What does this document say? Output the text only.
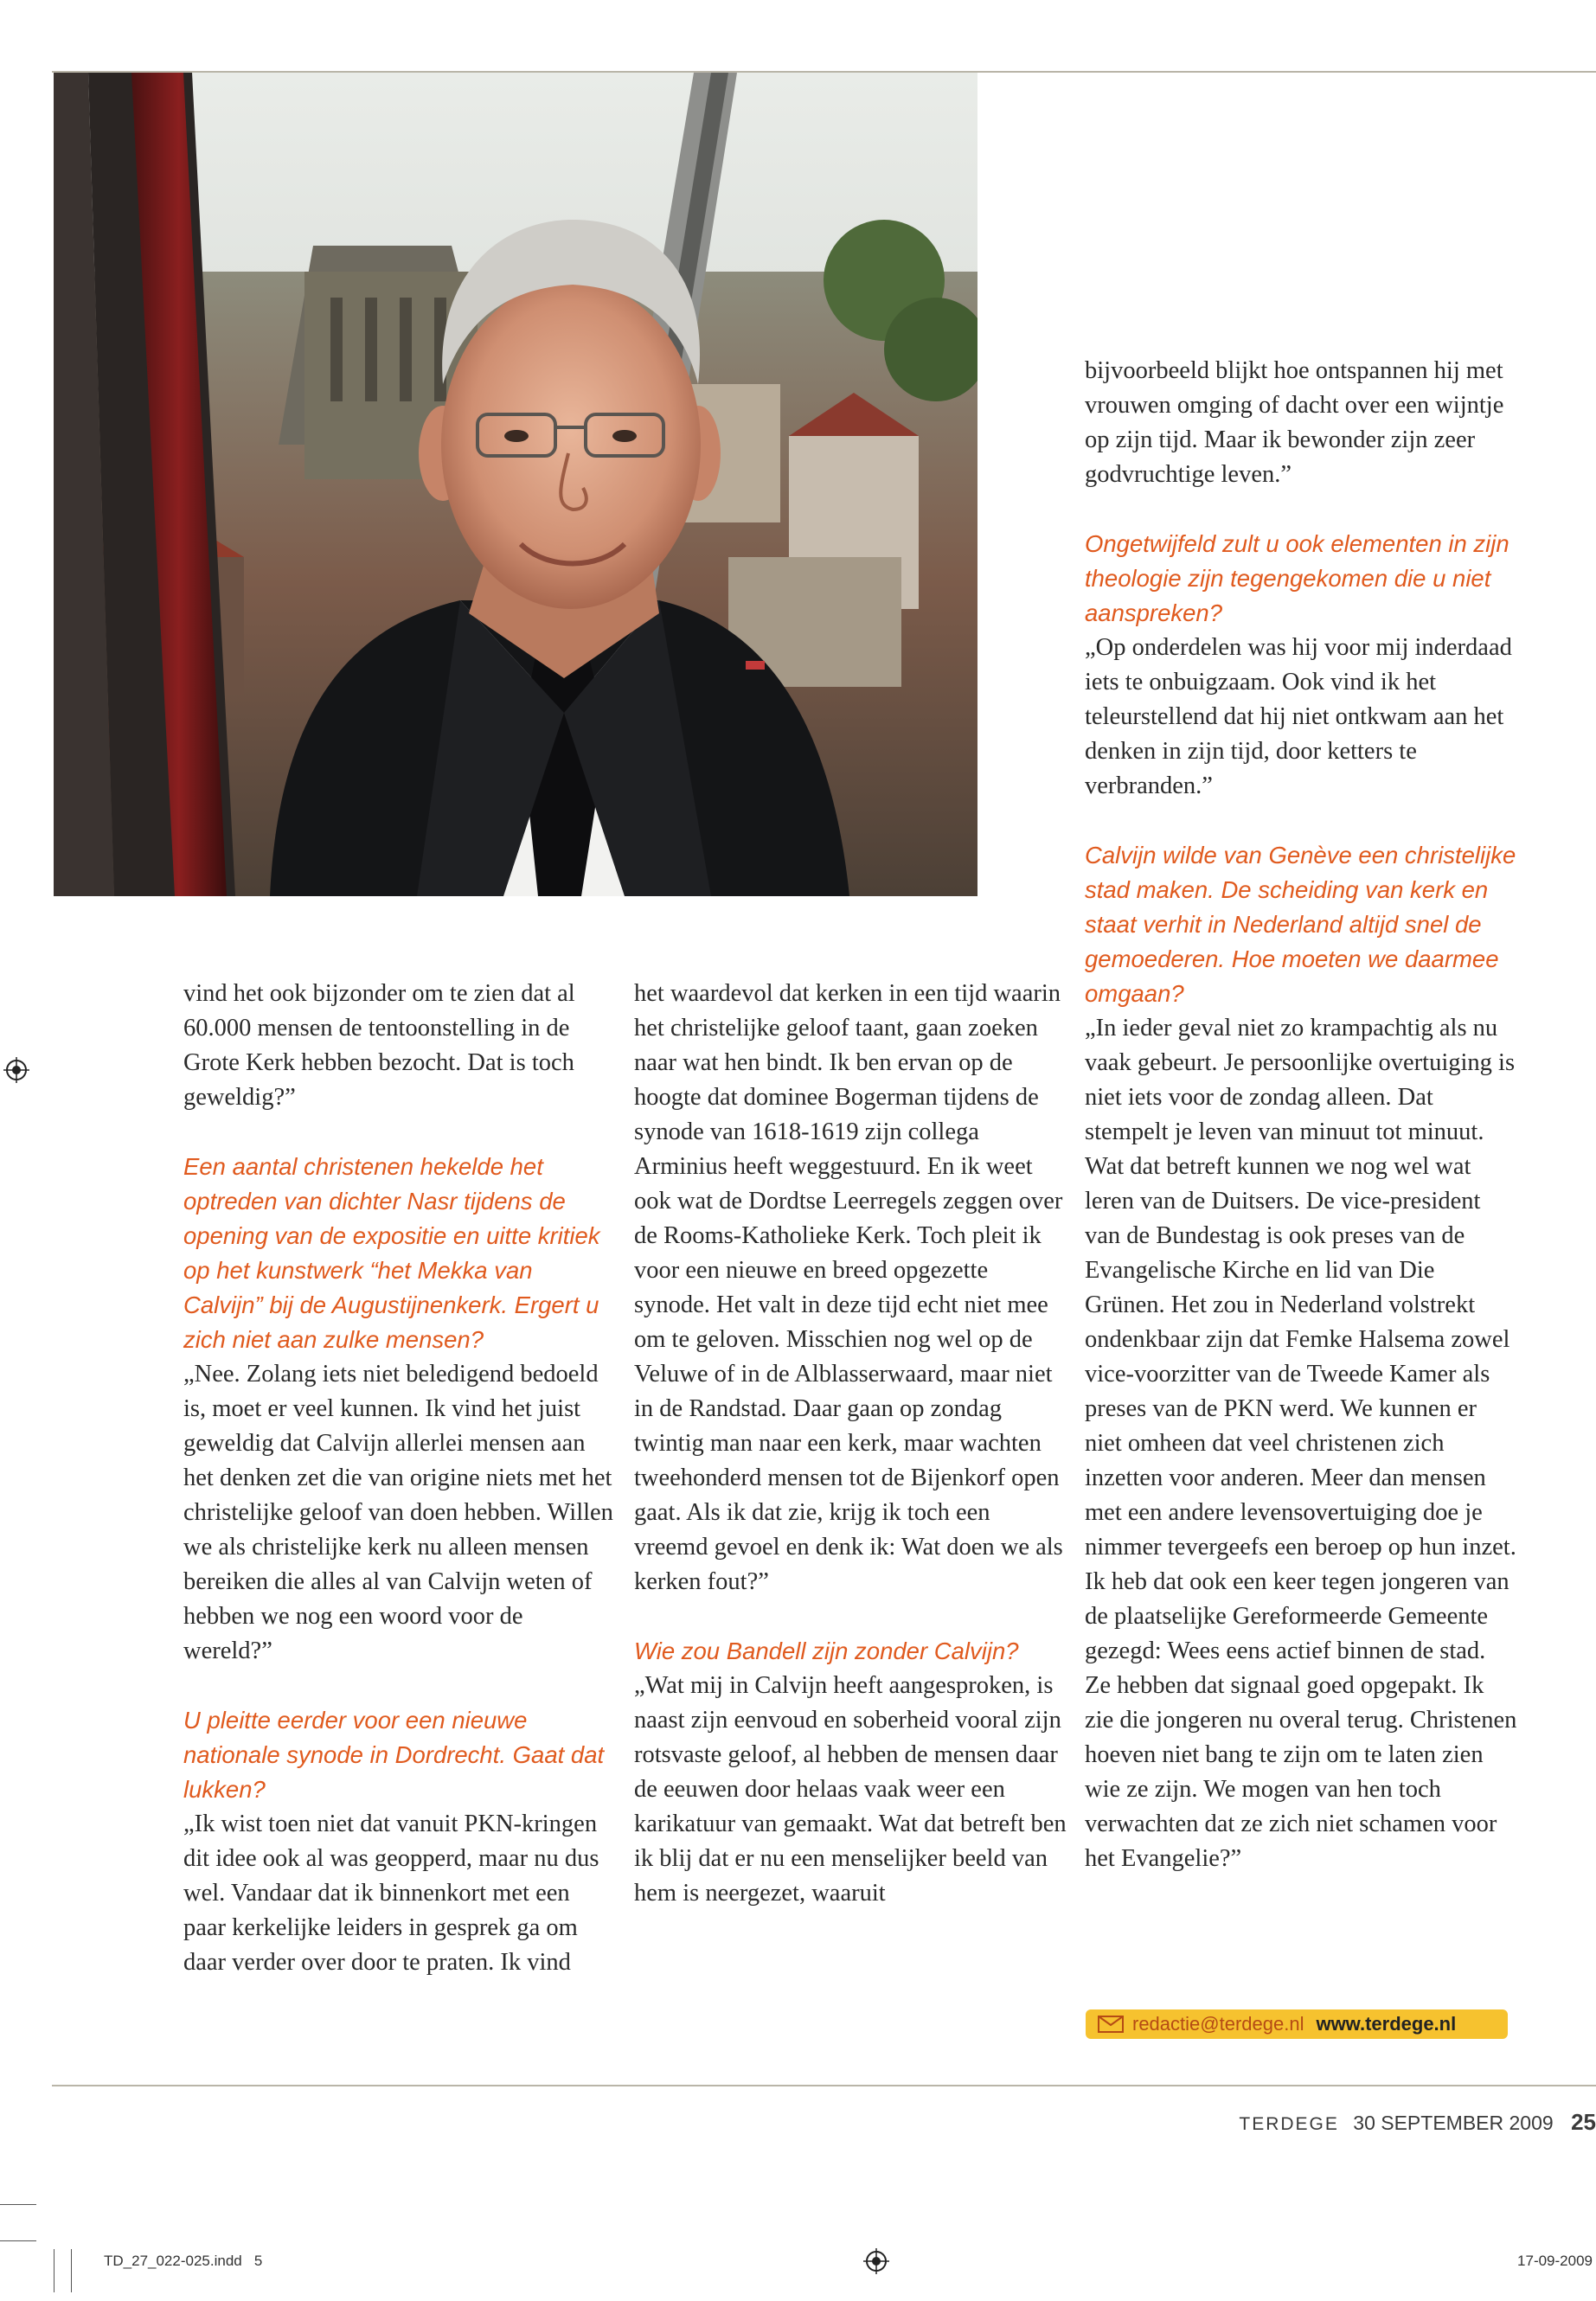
vind het ook bijzonder om te zien dat al 60.000 mensen de tentoonstelling in de Grote Kerk hebben bezocht. Dat is toch geweldig?”

Een aantal christenen hekelde het optreden van dichter Nasr tijdens de opening van de expositie en uitte kritiek op het kunstwerk “het Mekka van Calvijn” bij de Augustijnenkerk. Ergert u zich niet aan zulke mensen?

„Nee. Zolang iets niet beledigend bedoeld is, moet er veel kunnen. Ik vind het juist geweldig dat Calvijn allerlei mensen aan het denken zet die van origine niets met het christelijke geloof van doen hebben. Willen we als christelijke kerk nu alleen mensen bereiken die alles al van Calvijn weten of hebben we nog een woord voor de wereld?”

U pleitte eerder voor een nieuwe nationale synode in Dordrecht. Gaat dat lukken?

„Ik wist toen niet dat vanuit PKN-kringen dit idee ook al was geopperd, maar nu dus wel. Vandaar dat ik binnenkort met een paar kerkelijke leiders in gesprek ga om daar verder over door te praten. Ik vind

het waardevol dat kerken in een tijd waarin het christelijke geloof taant, gaan zoeken naar wat hen bindt. Ik ben ervan op de hoogte dat dominee Bogerman tijdens de synode van 1618-1619 zijn collega Arminius heeft weggestuurd. En ik weet ook wat de Dordtse Leerregels zeggen over de Rooms-Katholieke Kerk. Toch pleit ik voor een nieuwe en breed opgezette synode. Het valt in deze tijd echt niet mee om te geloven. Misschien nog wel op de Veluwe of in de Alblasserwaard, maar niet in de Randstad. Daar gaan op zondag twintig man naar een kerk, maar wachten tweehonderd mensen tot de Bijenkorf open gaat. Als ik dat zie, krijg ik toch een vreemd gevoel en denk ik: Wat doen we als kerken fout?”

Wie zou Bandell zijn zonder Calvijn?

„Wat mij in Calvijn heeft aangesproken, is naast zijn eenvoud en soberheid vooral zijn rotsvaste geloof, al hebben de mensen daar de eeuwen door helaas vaak weer een karikatuur van gemaakt. Wat dat betreft ben ik blij dat er nu een menselijker beeld van hem is neergezet, waaruit

bijvoorbeeld blijkt hoe ontspannen hij met vrouwen omging of dacht over een wijntje op zijn tijd. Maar ik bewonder zijn zeer godvruchtige leven.”

Ongetwijfeld zult u ook elementen in zijn theologie zijn tegengekomen die u niet aanspreken?

„Op onderdelen was hij voor mij inderdaad iets te onbuigzaam. Ook vind ik het teleurstellend dat hij niet ontkwam aan het denken in zijn tijd, door ketters te verbranden.”

Calvijn wilde van Genève een christelijke stad maken. De scheiding van kerk en staat verhit in Nederland altijd snel de gemoederen. Hoe moeten we daarmee omgaan?

„In ieder geval niet zo krampachtig als nu vaak gebeurt. Je persoonlijke overtuiging is niet iets voor de zondag alleen. Dat stempelt je leven van minuut tot minuut. Wat dat betreft kunnen we nog wel wat leren van de Duitsers. De vice-president van de Bundestag is ook preses van de Evangelische Kirche en lid van Die Grünen. Het zou in Nederland volstrekt ondenkbaar zijn dat Femke Halsema zowel vice-voorzitter van de Tweede Kamer als preses van de PKN werd. We kunnen er niet omheen dat veel christenen zich inzetten voor anderen. Meer dan mensen met een andere levensovertuiging doe je nimmer tevergeefs een beroep op hun inzet. Ik heb dat ook een keer tegen jongeren van de plaatselijke Gereformeerde Gemeente gezegd: Wees eens actief binnen de stad. Ze hebben dat signaal goed opgepakt. Ik zie die jongeren nu overal terug. Christenen hoeven niet bang te zijn om te laten zien wie ze zijn. We mogen van hen toch verwachten dat ze zich niet schamen voor het Evangelie?”

redactie@terdege.nl www.terdege.nl
TERDEGE 30 SEPTEMBER 2009 25
TD_27_022-025.indd   5	17-09-2009
